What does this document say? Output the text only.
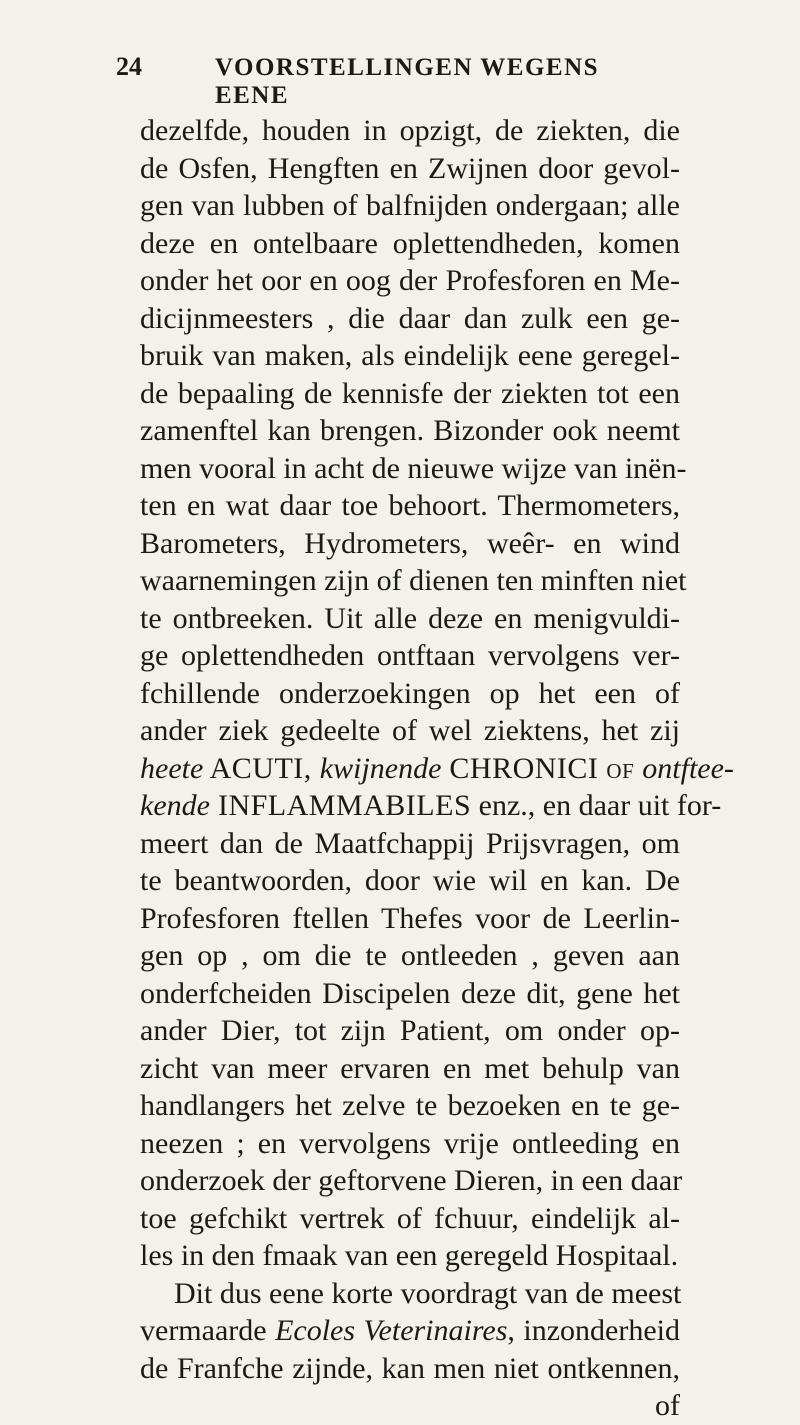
24	VOORSTELLINGEN WEGENS EENE
dezelfde, houden in opzigt, de ziekten, die
de Osfen, Hengften en Zwijnen door gevol-
gen van lubben of balfnijden ondergaan; alle
deze en ontelbaare oplettendheden, komen
onder het oor en oog der Profesforen en Me-
dicijnmeesters , die daar dan zulk een ge-
bruik van maken, als eindelijk eene geregel-
de bepaaling de kennisfe der ziekten tot een
zamenftel kan brengen. Bizonder ook neemt
men vooral in acht de nieuwe wijze van inën-
ten en wat daar toe behoort. Thermometers,
Barometers, Hydrometers, weêr- en wind
waarnemingen zijn of dienen ten minften niet
te ontbreeken. Uit alle deze en menigvuldi-
ge oplettendheden ontftaan vervolgens ver-
fchillende onderzoekingen op het een of
ander ziek gedeelte of wel ziektens, het zij
heete ACUTI, kwijnende CHRONICI of ontftee-
kende INFLAMMABILES enz., en daar uit for-
meert dan de Maatfchappij Prijsvragen, om
te beantwoorden, door wie wil en kan. De
Profesforen ftellen Thefes voor de Leerlin-
gen op , om die te ontleeden , geven aan
onderfcheiden Discipelen deze dit, gene het
ander Dier, tot zijn Patient, om onder op-
zicht van meer ervaren en met behulp van
handlangers het zelve te bezoeken en te ge-
neezen ; en vervolgens vrije ontleeding en
onderzoek der geftorvene Dieren, in een daar
toe gefchikt vertrek of fchuur, eindelijk al-
les in den fmaak van een geregeld Hospitaal.
Dit dus eene korte voordragt van de meest
vermaarde Ecoles Veterinaires, inzonderheid
de Franfche zijnde, kan men niet ontkennen,
of
